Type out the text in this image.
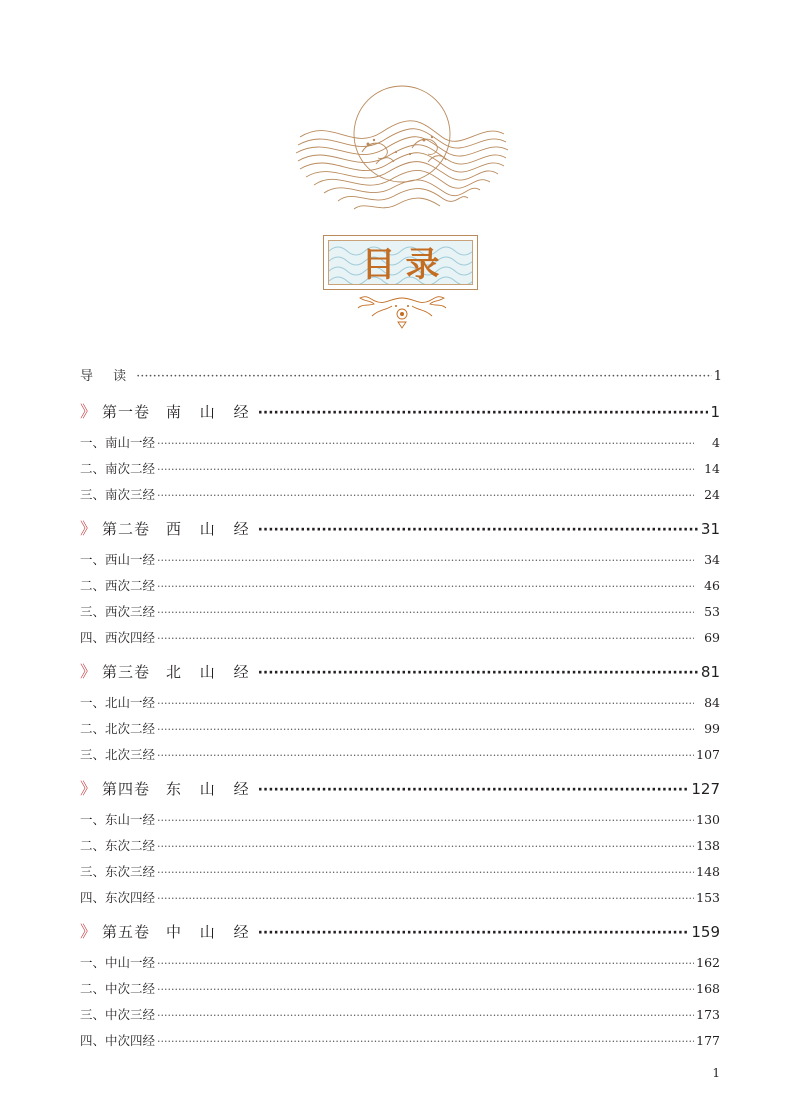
目录
导 读 ·····	1
》 第一卷 南 山 经 ·····	1
一、南山一经 ·····	4
二、南次二经 ·····	14
三、南次三经 ·····	24
》 第二卷 西 山 经 ·····	31
一、西山一经 ·····	34
二、西次二经 ·····	46
三、西次三经 ·····	53
四、西次四经 ·····	69
》 第三卷 北 山 经 ·····	81
一、北山一经 ·····	84
二、北次二经 ·····	99
三、北次三经 ·····	107
》 第四卷 东 山 经 ·····	127
一、东山一经 ·····	130
二、东次二经 ·····	138
三、东次三经 ·····	148
四、东次四经 ·····	153
》 第五卷 中 山 经 ·····	159
一、中山一经 ·····	162
二、中次二经 ·····	168
三、中次三经 ·····	173
四、中次四经 ·····	177
1
